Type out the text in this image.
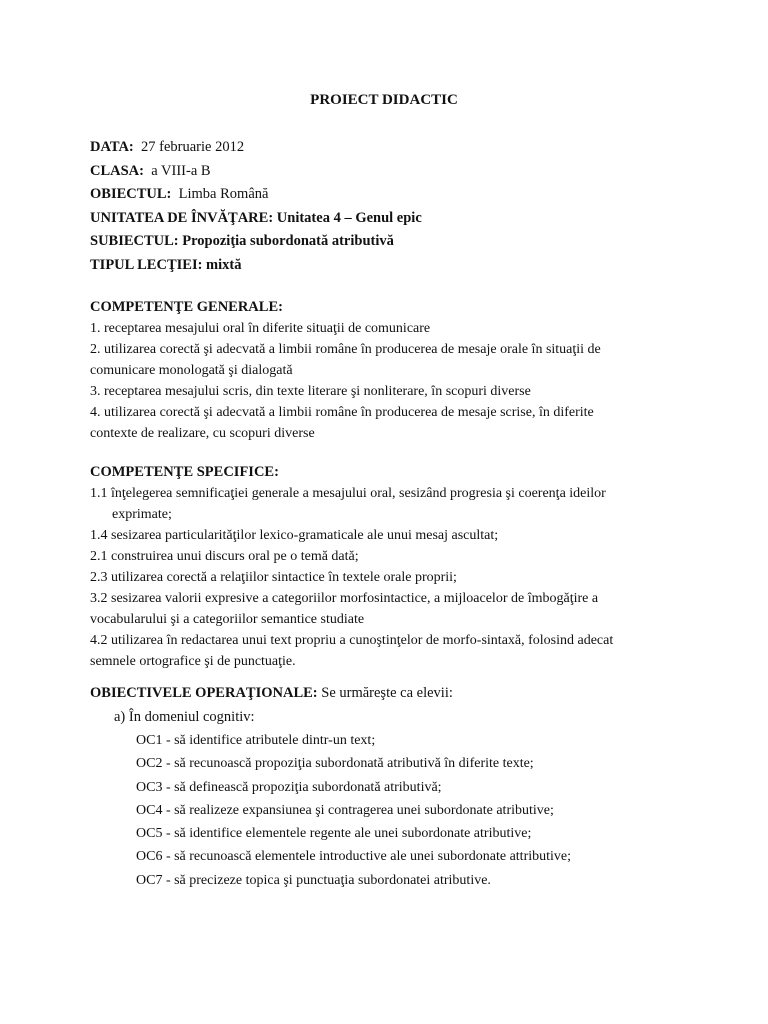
PROIECT DIDACTIC
DATA: 27 februarie 2012
CLASA: a VIII-a B
OBIECTUL: Limba Română
UNITATEA DE ÎNVĂŢARE: Unitatea 4 – Genul epic
SUBIECTUL: Propoziţia subordonată atributivă
TIPUL LECŢIEI: mixtă
COMPETENŢE GENERALE:
1. receptarea mesajului oral în diferite situaţii de comunicare
2. utilizarea corectă şi adecvată a limbii române în producerea de mesaje orale în situaţii de
comunicare monologată şi dialogată
3. receptarea mesajului scris, din texte literare şi nonliterare, în scopuri diverse
4. utilizarea corectă şi adecvată a limbii române în producerea de mesaje scrise, în diferite
contexte de realizare, cu scopuri diverse
COMPETENŢE SPECIFICE:
1.1 înţelegerea semnificaţiei generale a mesajului oral, sesizând progresia şi coerenţa ideilor
exprimate;
1.4 sesizarea particularităţilor lexico-gramaticale ale unui mesaj ascultat;
2.1 construirea unui discurs oral pe o temă dată;
2.3 utilizarea corectă a relaţiilor sintactice în textele orale proprii;
3.2 sesizarea valorii expresive a categoriilor morfosintactice, a mijloacelor de îmbogăţire a
vocabularului şi a categoriilor semantice studiate
4.2 utilizarea în redactarea unui text propriu a cunoştinţelor de morfo-sintaxă, folosind adecat
semnele ortografice şi de punctuaţie.
OBIECTIVELE OPERAŢIONALE: Se urmăreşte ca elevii:
a) În domeniul cognitiv:
OC1 - să identifice atributele dintr-un text;
OC2 - să recunoască propoziţia subordonată atributivă în diferite texte;
OC3 - să definească propoziţia subordonată atributivă;
OC4 - să realizeze expansiunea şi contragerea unei subordonate atributive;
OC5 - să identifice elementele regente ale unei subordonate atributive;
OC6 - să recunoască elementele introductive ale unei subordonate attributive;
OC7 - să precizeze topica şi punctuaţia subordonatei atributive.
